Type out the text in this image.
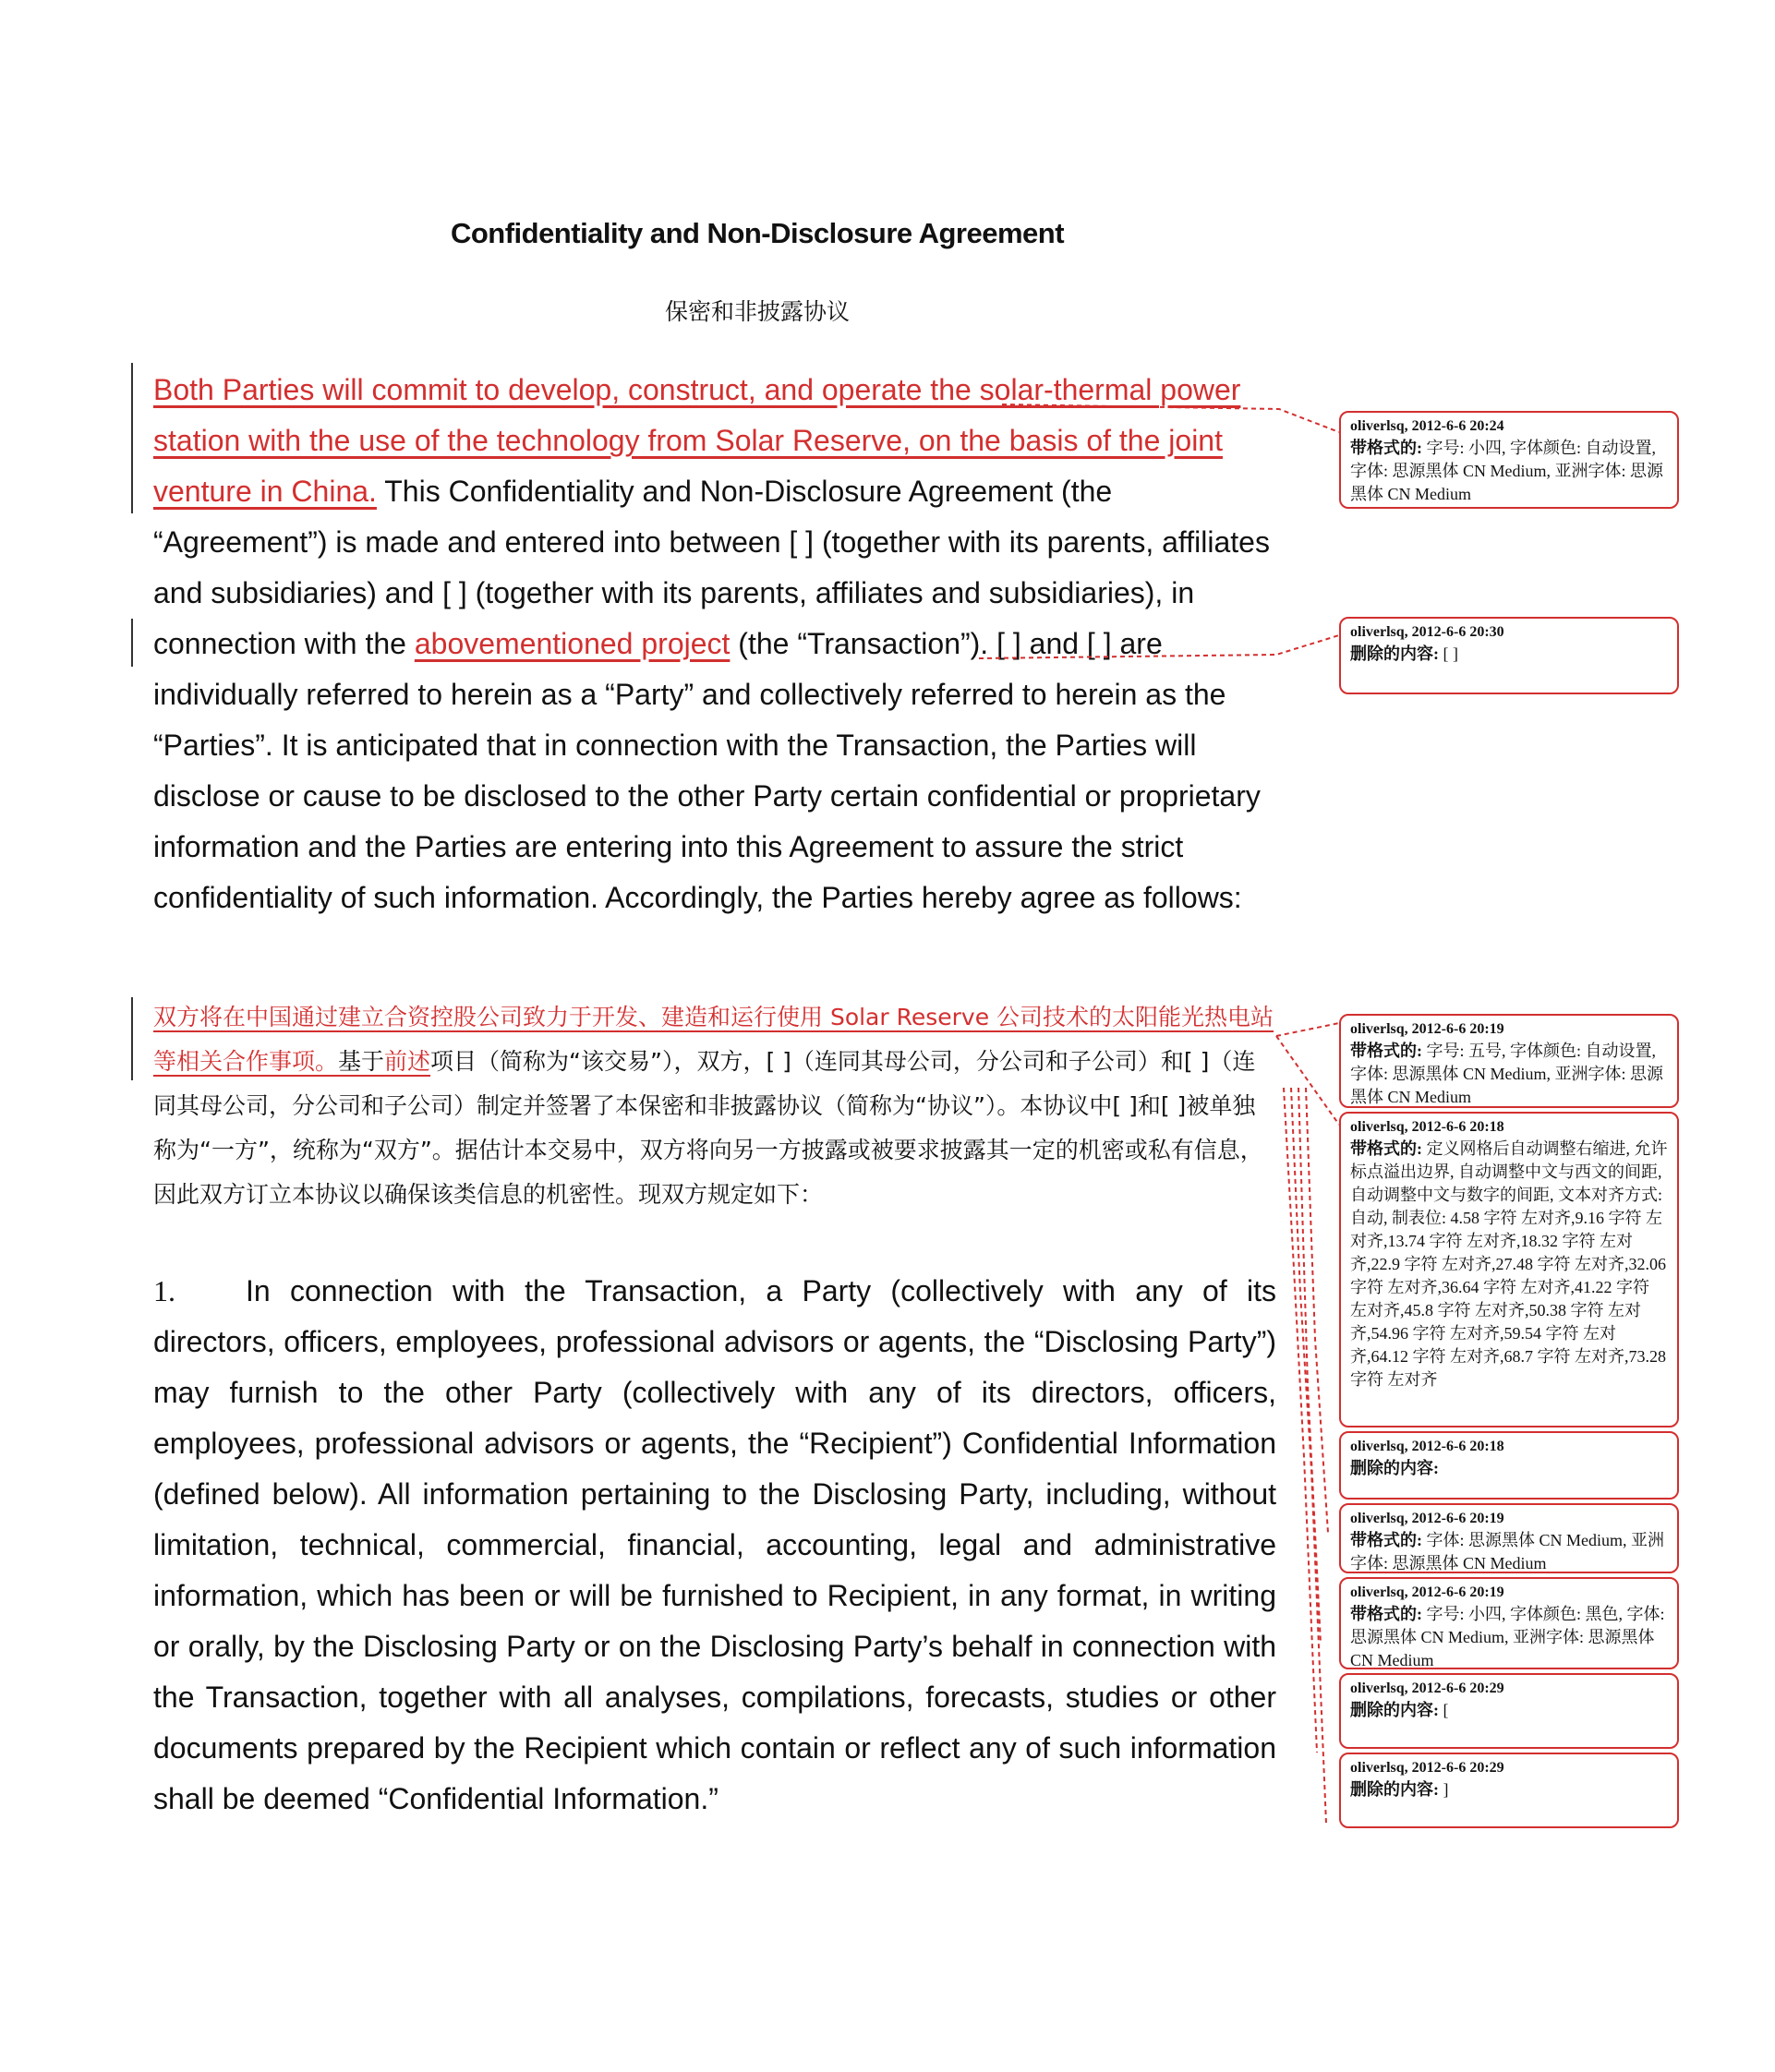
Confidentiality and Non-Disclosure Agreement
保密和非披露协议
Both Parties will commit to develop, construct, and operate the solar-thermal power station with the use of the technology from Solar Reserve, on the basis of the joint venture in China. This Confidentiality and Non-Disclosure Agreement (the “Agreement”) is made and entered into between [ ] (together with its parents, affiliates and subsidiaries) and [ ] (together with its parents, affiliates and subsidiaries), in connection with the abovementioned project (the “Transaction”). [ ] and [ ] are individually referred to herein as a “Party” and collectively referred to herein as the “Parties”. It is anticipated that in connection with the Transaction, the Parties will disclose or cause to be disclosed to the other Party certain confidential or proprietary information and the Parties are entering into this Agreement to assure the strict confidentiality of such information. Accordingly, the Parties hereby agree as follows:
双方将在中国通过建立合资控股公司致力于开发、建造和运行使用 Solar Reserve 公司技术的太阳能光热电站等相关合作事项。基于前述项目（简称为“该交易”），双方，[ ]（连同其母公司，分公司和子公司）和[ ]（连同其母公司，分公司和子公司）制定并签署了本保密和非披露协议（简称为“协议”）。本协议中[ ]和[ ]被单独称为“一方”，统称为“双方”。据估计本交易中，双方将向另一方披露或被要求披露其一定的机密或私有信息，因此双方订立本协议以确保该类信息的机密性。现双方规定如下：
1. In connection with the Transaction, a Party (collectively with any of its directors, officers, employees, professional advisors or agents, the “Disclosing Party”) may furnish to the other Party (collectively with any of its directors, officers, employees, professional advisors or agents, the “Recipient”) Confidential Information (defined below). All information pertaining to the Disclosing Party, including, without limitation, technical, commercial, financial, accounting, legal and administrative information, which has been or will be furnished to Recipient, in any format, in writing or orally, by the Disclosing Party or on the Disclosing Party’s behalf in connection with the Transaction, together with all analyses, compilations, forecasts, studies or other documents prepared by the Recipient which contain or reflect any of such information shall be deemed “Confidential Information.”
oliverlsq, 2012-6-6 20:24
带格式的: 字号: 小四, 字体颜色: 自动设置, 字体: 思源黑体 CN Medium, 亚洲字体: 思源黑体 CN Medium
oliverlsq, 2012-6-6 20:30
删除的内容: [ ]
oliverlsq, 2012-6-6 20:19
带格式的: 字号: 五号, 字体颜色: 自动设置, 字体: 思源黑体 CN Medium, 亚洲字体: 思源黑体 CN Medium
oliverlsq, 2012-6-6 20:18
带格式的: 定义网格后自动调整右缩进, 允许标点溢出边界, 自动调整中文与西文的间距, 自动调整中文与数字的间距, 文本对齐方式: 自动, 制表位: 4.58 字符 左对齐,9.16 字符 左对齐,13.74 字符 左对齐,18.32 字符 左对齐,22.9 字符 左对齐,27.48 字符 左对齐,32.06 字符 左对齐,36.64 字符 左对齐,41.22 字符 左对齐,45.8 字符 左对齐,50.38 字符 左对齐,54.96 字符 左对齐,59.54 字符 左对齐,64.12 字符 左对齐,68.7 字符 左对齐,73.28 字符 左对齐
oliverlsq, 2012-6-6 20:18
删除的内容:
oliverlsq, 2012-6-6 20:19
带格式的: 字体: 思源黑体 CN Medium, 亚洲字体: 思源黑体 CN Medium
oliverlsq, 2012-6-6 20:19
带格式的: 字号: 小四, 字体颜色: 黑色, 字体: 思源黑体 CN Medium, 亚洲字体: 思源黑体 CN Medium
oliverlsq, 2012-6-6 20:29
删除的内容: [
oliverlsq, 2012-6-6 20:29
删除的内容: ]
